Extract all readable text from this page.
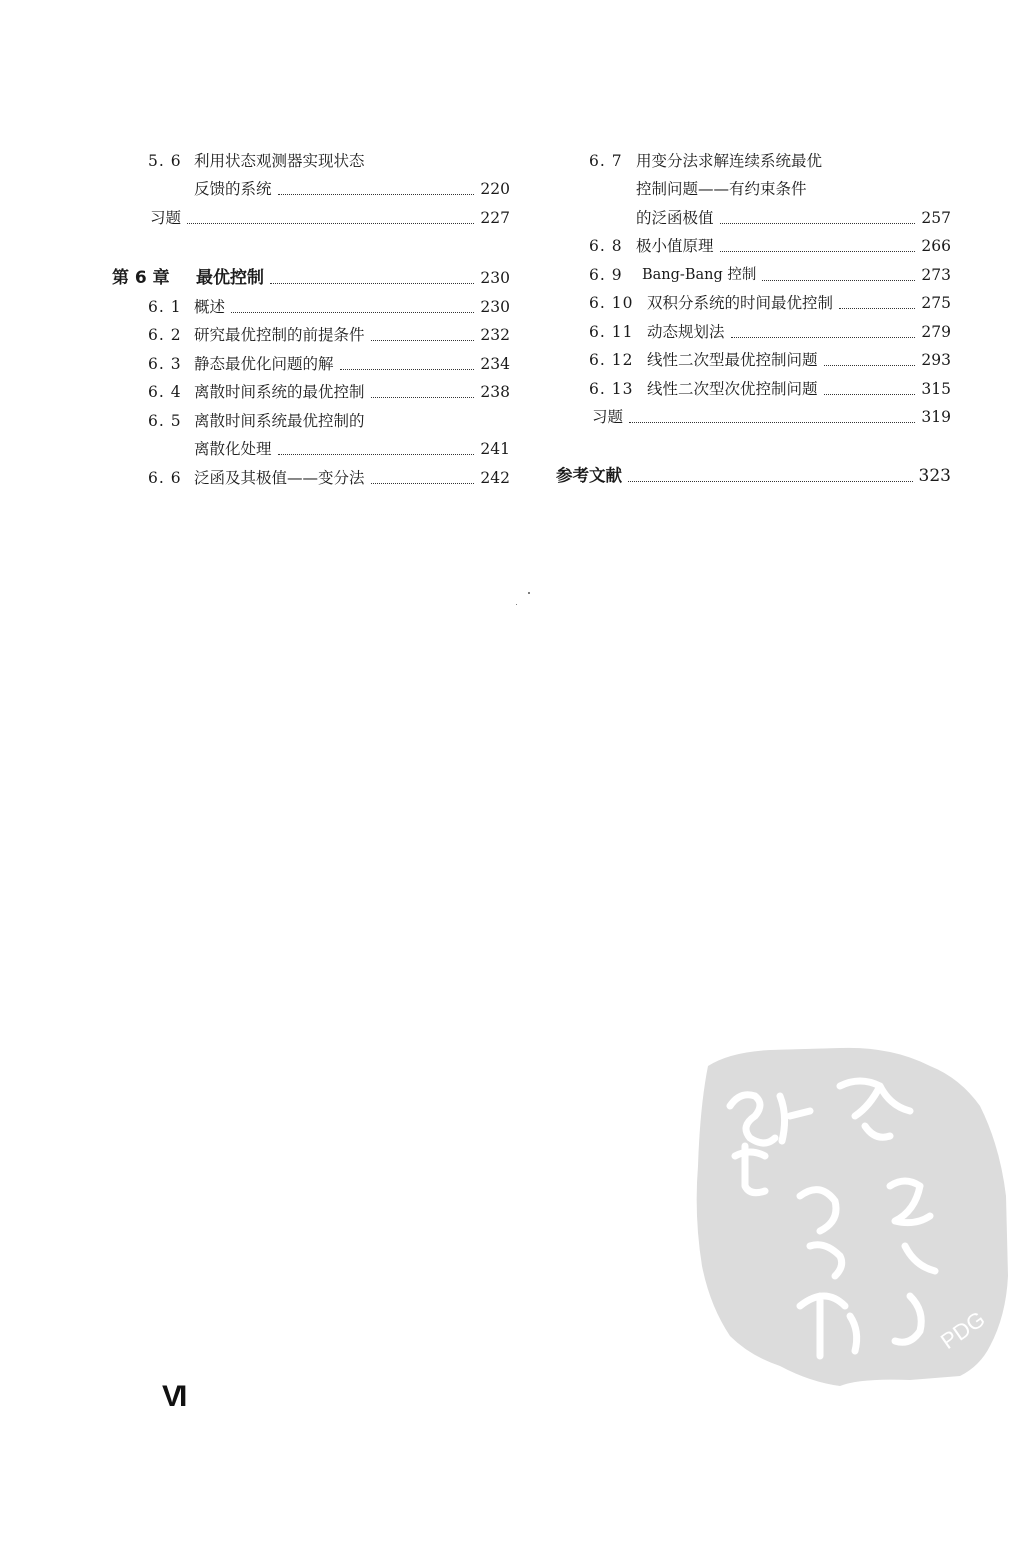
5. 6 利用状态观测器实现状态
反馈的系统	220
习题	227
第 6 章	最优控制	230
6. 1 概述	230
6. 2 研究最优控制的前提条件	232
6. 3 静态最优化问题的解	234
6. 4 离散时间系统的最优控制	238
6. 5 离散时间系统最优控制的
离散化处理	241
6. 6 泛函及其极值——变分法	242
6. 7 用变分法求解连续系统最优
控制问题——有约束条件
的泛函极值	257
6. 8 极小值原理	266
6. 9	Bang-Bang 控制	273
6. 10 双积分系统的时间最优控制	275
6. 11 动态规划法	279
6. 12 线性二次型最优控制问题	293
6. 13 线性二次型次优控制问题	315
习题	319
参考文献	323
VI
PDG
